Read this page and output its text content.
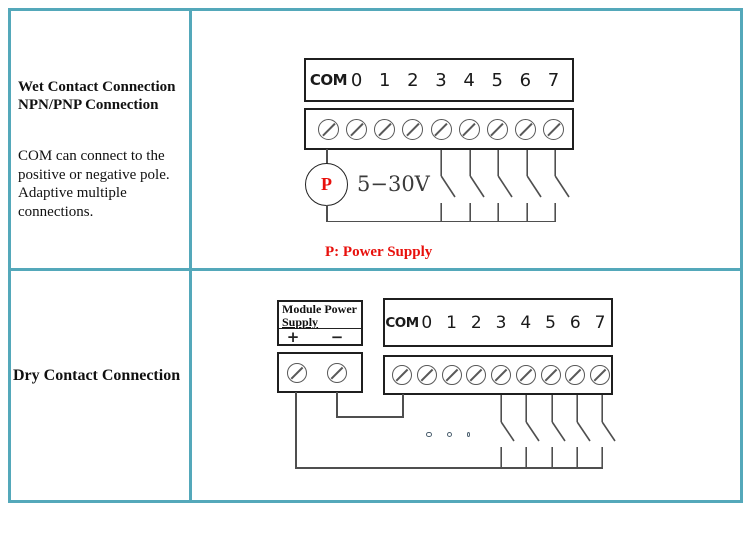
Wet Contact Connection
NPN/PNP Connection
COM can connect to the positive or negative pole. Adaptive multiple connections.
Dry Contact Connection
COM 0 1 2 3 4 5 6 7
P 5−30V
P: Power Supply
Module Power
Supply
+ −
COM 0 1 2 3 4 5 6 7
